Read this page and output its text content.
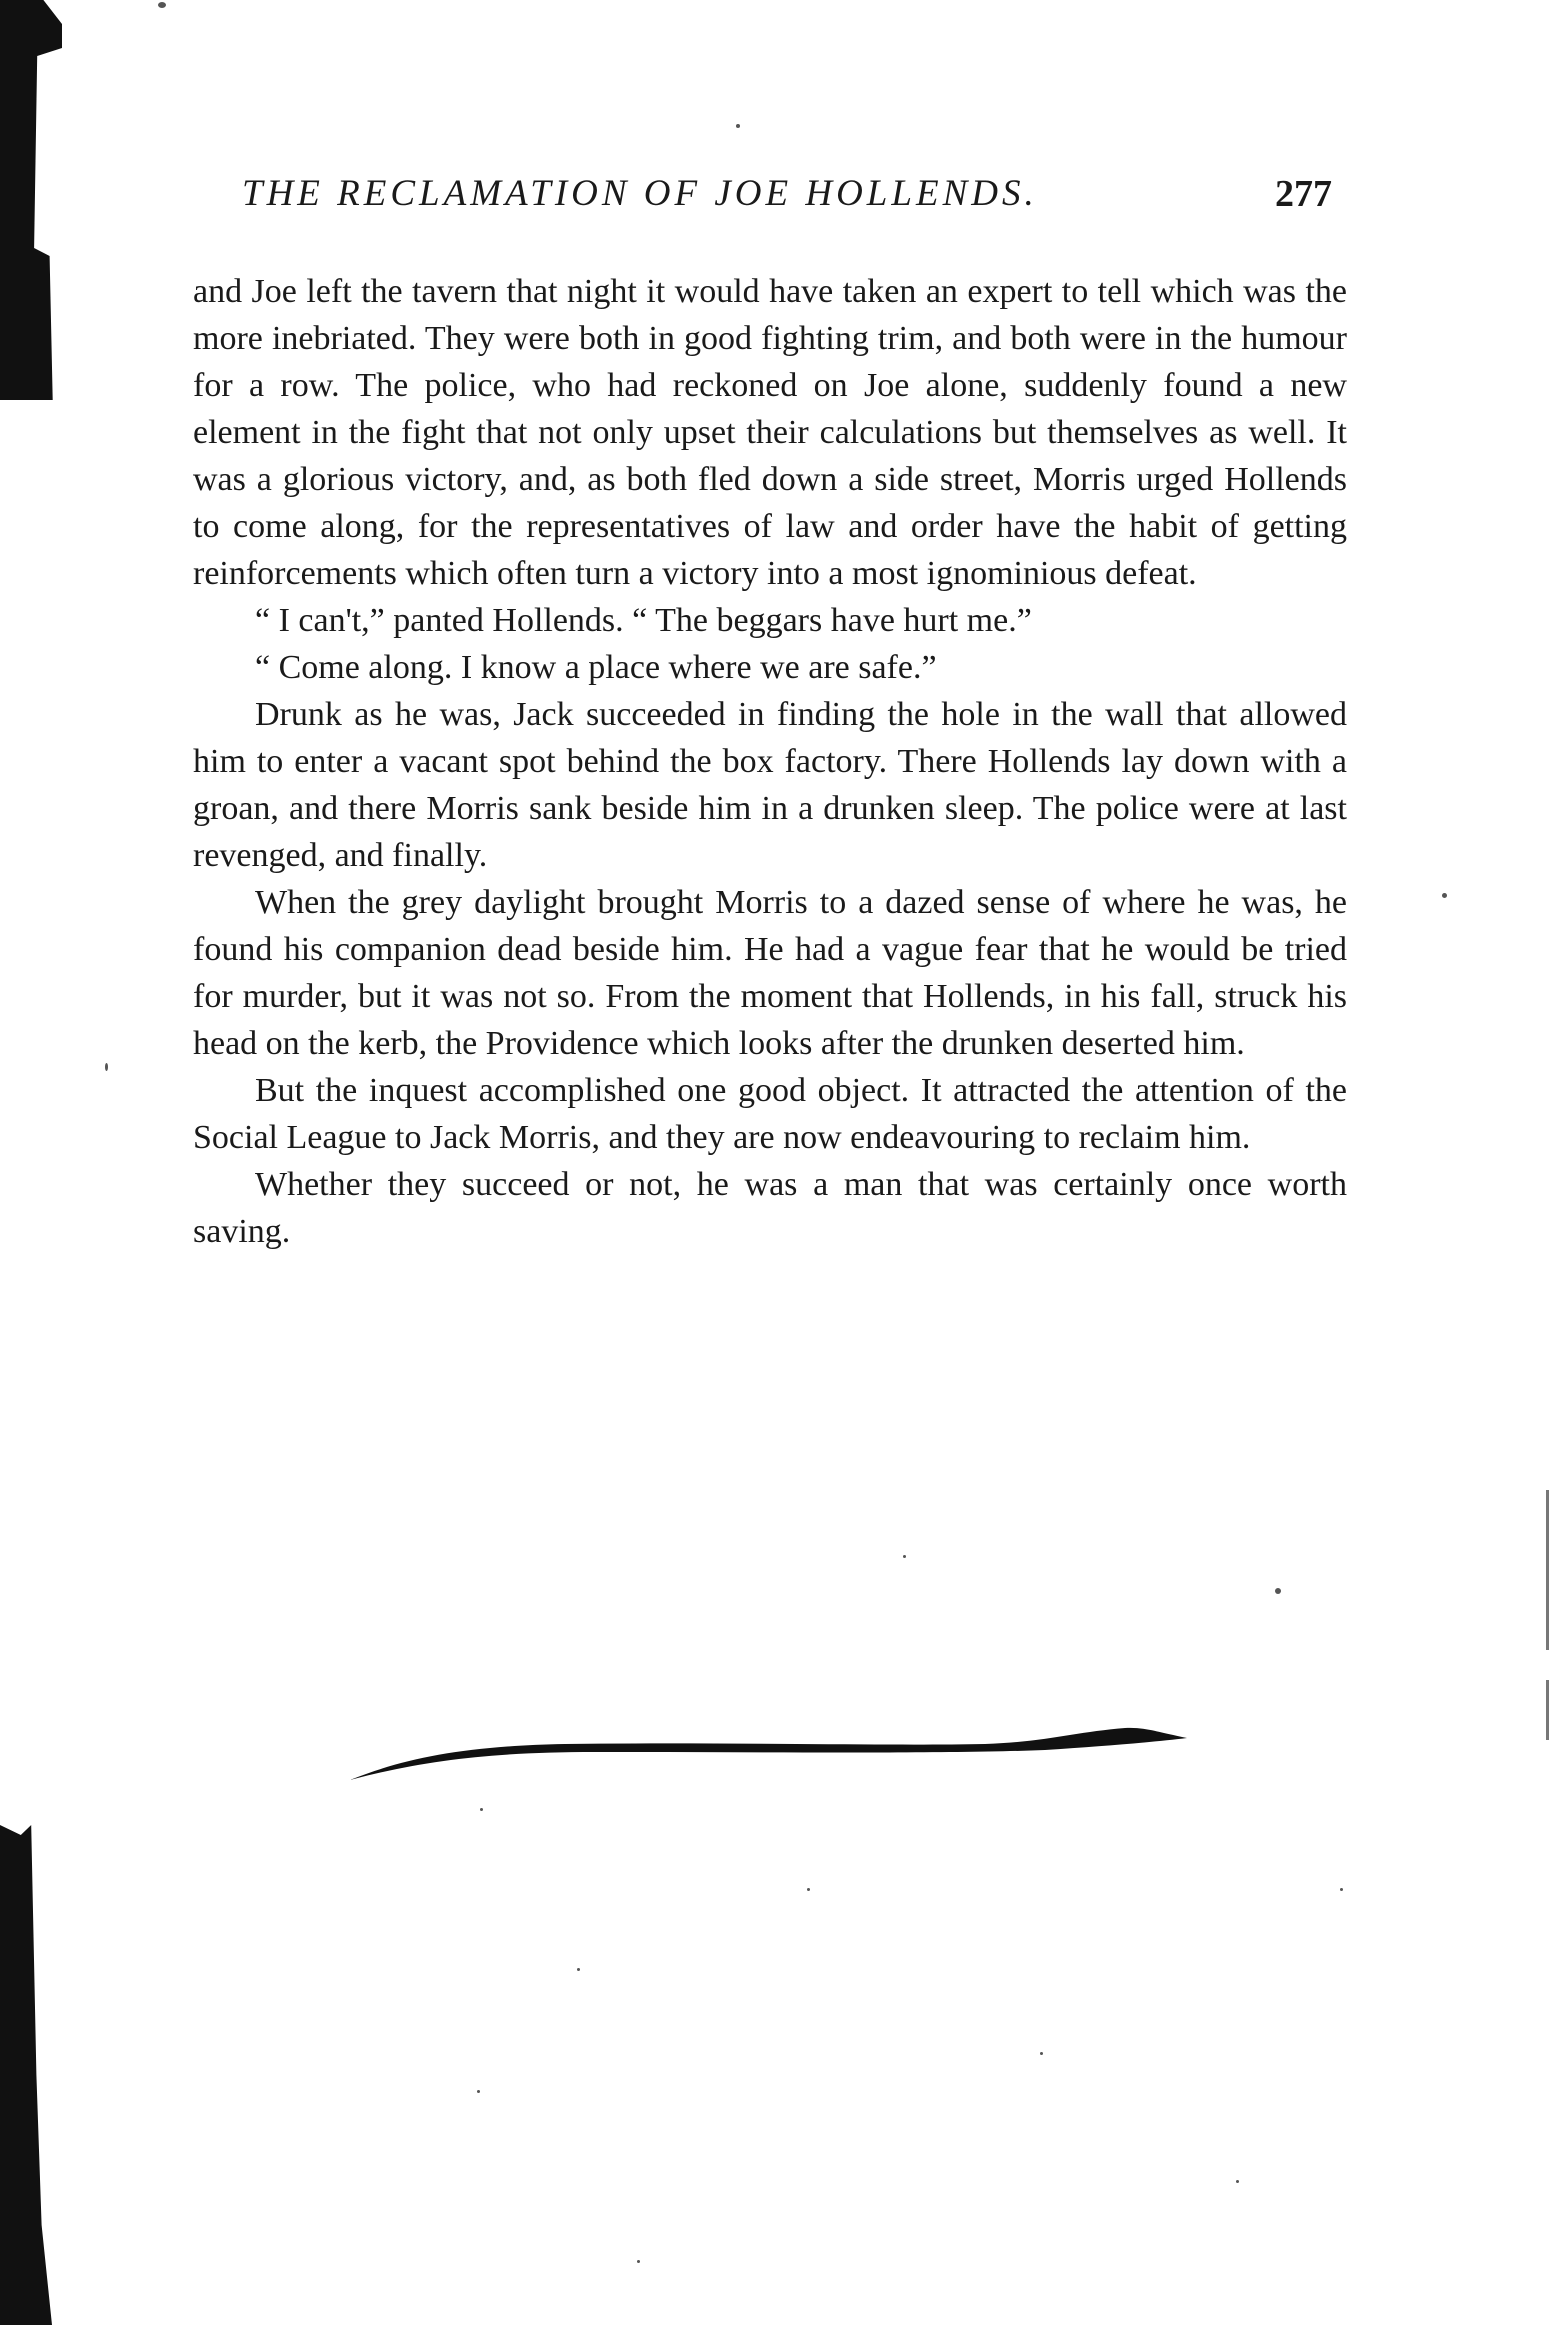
THE RECLAMATION OF JOE HOLLENDS.	277

and Joe left the tavern that night it would have taken an expert to tell which was the more inebriated. They were both in good fighting trim, and both were in the humour for a row. The police, who had reckoned on Joe alone, suddenly found a new element in the fight that not only upset their calculations but themselves as well. It was a glorious victory, and, as both fled down a side street, Morris urged Hollends to come along, for the representatives of law and order have the habit of getting reinforcements which often turn a victory into a most ignominious defeat.

“ I can't,” panted Hollends. “ The beggars have hurt me.”

“ Come along. I know a place where we are safe.”

Drunk as he was, Jack succeeded in finding the hole in the wall that allowed him to enter a vacant spot behind the box factory. There Hollends lay down with a groan, and there Morris sank beside him in a drunken sleep. The police were at last revenged, and finally.

When the grey daylight brought Morris to a dazed sense of where he was, he found his companion dead beside him. He had a vague fear that he would be tried for murder, but it was not so. From the moment that Hollends, in his fall, struck his head on the kerb, the Providence which looks after the drunken deserted him.

But the inquest accomplished one good object. It attracted the attention of the Social League to Jack Morris, and they are now endeavouring to reclaim him.

Whether they succeed or not, he was a man that was certainly once worth saving.
